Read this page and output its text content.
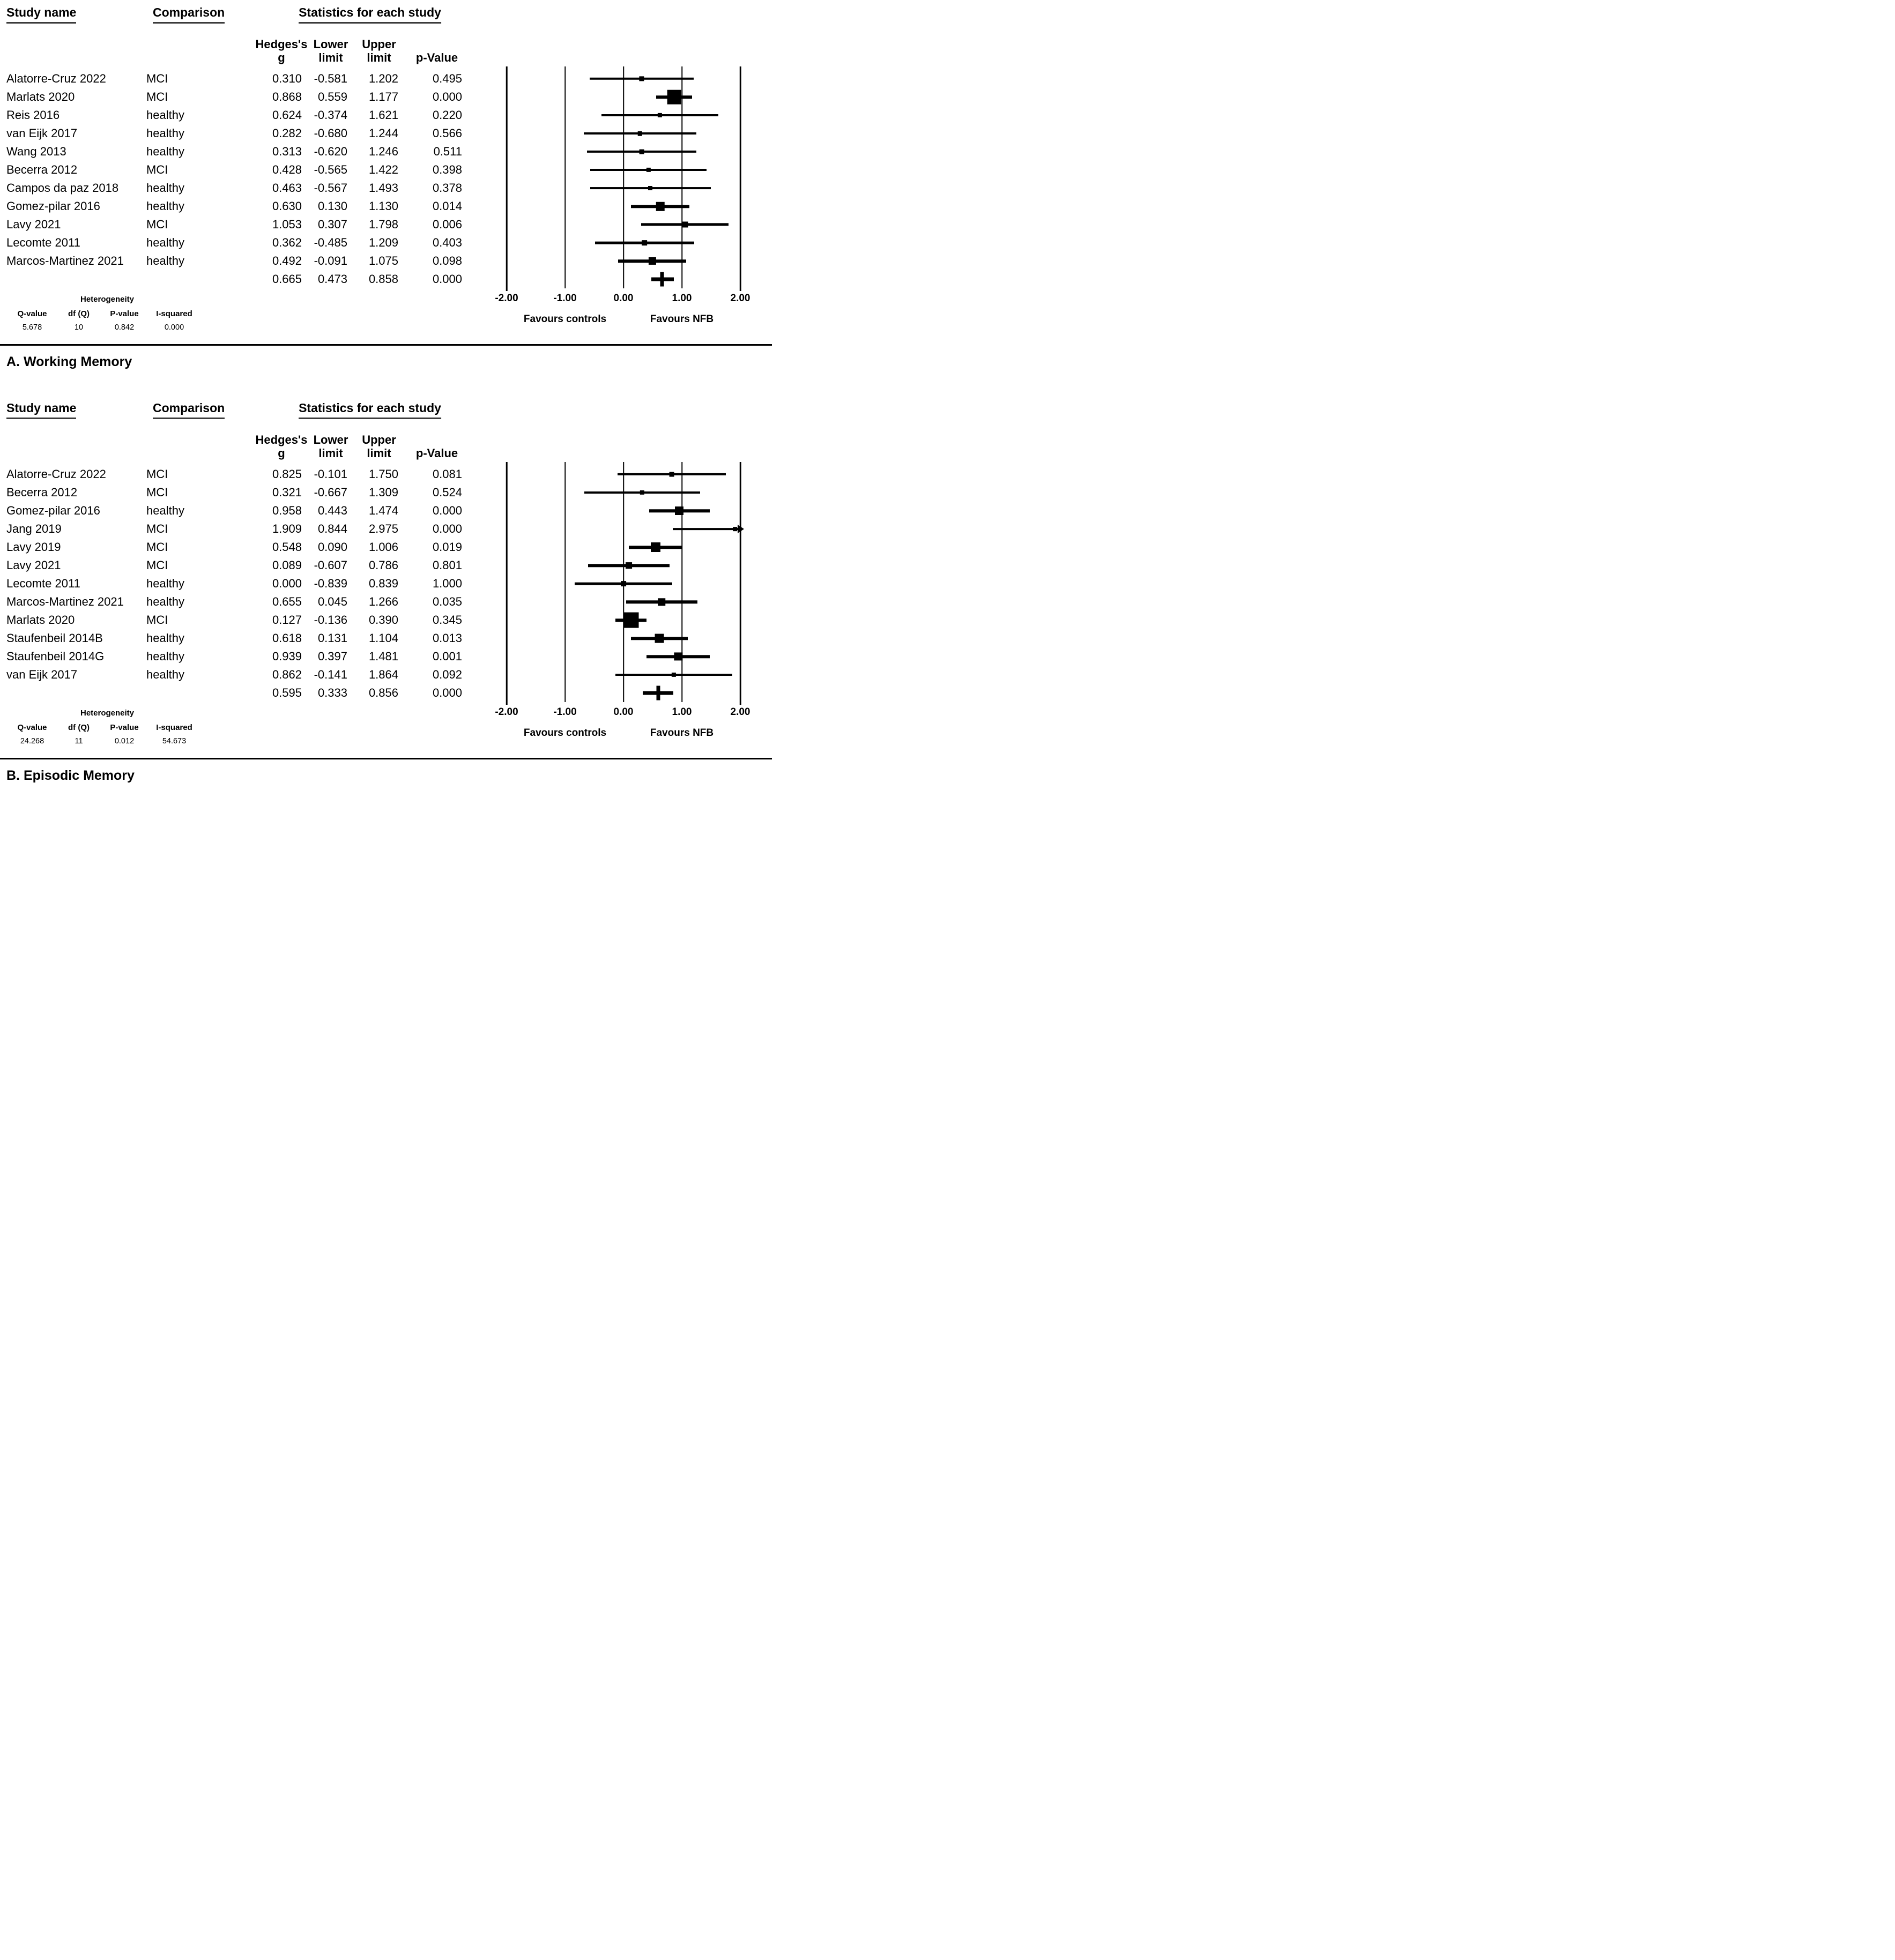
Study name	Comparison	Statistics for each study
Hedges's
g
Lower
limit
Upper
limit	p-Value
Alatorre-Cruz 2022	MCI	0.310	-0.581	1.202	0.495
Marlats 2020	MCI	0.868	0.559	1.177	0.000
Reis 2016	healthy	0.624	-0.374	1.621	0.220
van Eijk 2017	healthy	0.282	-0.680	1.244	0.566
Wang 2013	healthy	0.313	-0.620	1.246	0.511
Becerra 2012	MCI	0.428	-0.565	1.422	0.398
Campos da paz 2018	healthy	0.463	-0.567	1.493	0.378
Gomez-pilar 2016	healthy	0.630	0.130	1.130	0.014
Lavy 2021	MCI	1.053	0.307	1.798	0.006
Lecomte 2011	healthy	0.362	-0.485	1.209	0.403
Marcos-Martinez 2021	healthy	0.492	-0.091	1.075	0.098
0.665	0.473	0.858	0.000
Heterogeneity
Q-value	df (Q)	P-value	I-squared
5.678	10	0.842	0.000
-2.00	-1.00	0.00	1.00	2.00
Favours controls	Favours NFB
A. Working Memory
Study name	Comparison	Statistics for each study
Hedges's
g
Lower
limit
Upper
limit	p-Value
Alatorre-Cruz 2022	MCI	0.825	-0.101	1.750	0.081
Becerra 2012	MCI	0.321	-0.667	1.309	0.524
Gomez-pilar 2016	healthy	0.958	0.443	1.474	0.000
Jang 2019	MCI	1.909	0.844	2.975	0.000
Lavy 2019	MCI	0.548	0.090	1.006	0.019
Lavy 2021	MCI	0.089	-0.607	0.786	0.801
Lecomte 2011	healthy	0.000	-0.839	0.839	1.000
Marcos-Martinez 2021	healthy	0.655	0.045	1.266	0.035
Marlats 2020	MCI	0.127	-0.136	0.390	0.345
Staufenbeil 2014B	healthy	0.618	0.131	1.104	0.013
Staufenbeil 2014G	healthy	0.939	0.397	1.481	0.001
van Eijk 2017	healthy	0.862	-0.141	1.864	0.092
0.595	0.333	0.856	0.000
Heterogeneity
Q-value	df (Q)	P-value	I-squared
24.268	11	0.012	54.673
-2.00	-1.00	0.00	1.00	2.00
Favours controls	Favours NFB
B. Episodic Memory
